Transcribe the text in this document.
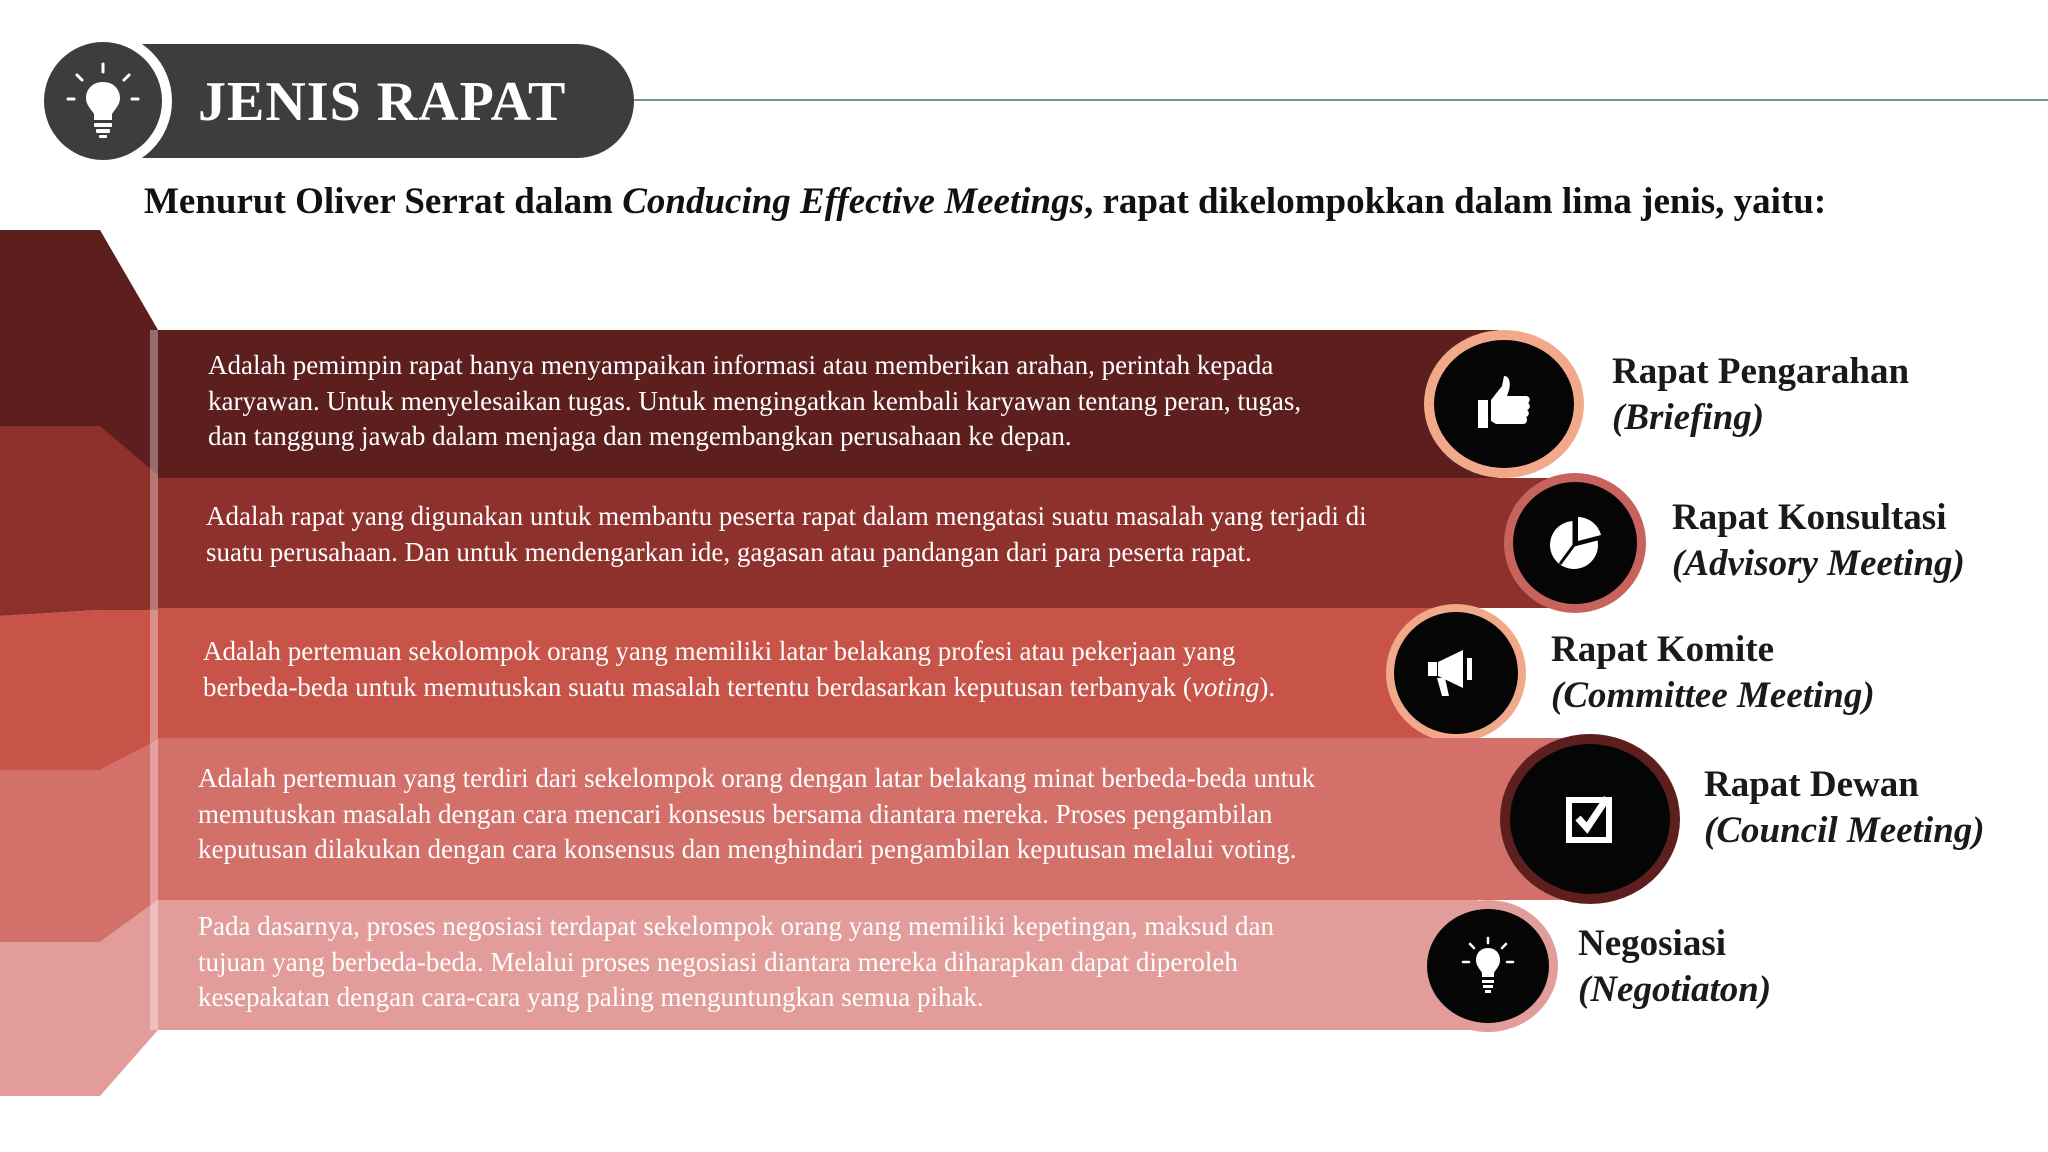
JENIS RAPAT
Menurut Oliver Serrat dalam Conducing Effective Meetings, rapat dikelompokkan dalam lima jenis, yaitu:
Adalah pemimpin rapat hanya menyampaikan informasi atau memberikan arahan, perintah kepada
karyawan. Untuk menyelesaikan tugas. Untuk mengingatkan kembali karyawan tentang peran, tugas,
dan tanggung jawab dalam menjaga dan mengembangkan perusahaan ke depan.
Rapat Pengarahan
(Briefing)
Adalah rapat yang digunakan untuk membantu peserta rapat dalam mengatasi suatu masalah yang terjadi di
suatu perusahaan. Dan untuk mendengarkan ide, gagasan atau pandangan dari para peserta rapat.
Rapat Konsultasi
(Advisory Meeting)
Adalah pertemuan sekolompok orang yang memiliki latar belakang profesi atau pekerjaan yang
berbeda-beda untuk memutuskan suatu masalah tertentu berdasarkan keputusan terbanyak (voting).
Rapat Komite
(Committee Meeting)
Adalah pertemuan yang terdiri dari sekelompok orang dengan latar belakang minat berbeda-beda untuk
memutuskan masalah dengan cara mencari konsesus bersama diantara mereka. Proses pengambilan
keputusan dilakukan dengan cara konsensus dan menghindari pengambilan keputusan melalui voting.
Rapat Dewan
(Council Meeting)
Pada dasarnya, proses negosiasi terdapat sekelompok orang yang memiliki kepetingan, maksud dan
tujuan yang berbeda-beda. Melalui proses negosiasi diantara mereka diharapkan dapat diperoleh
kesepakatan dengan cara-cara yang paling menguntungkan semua pihak.
Negosiasi
(Negotiaton)
